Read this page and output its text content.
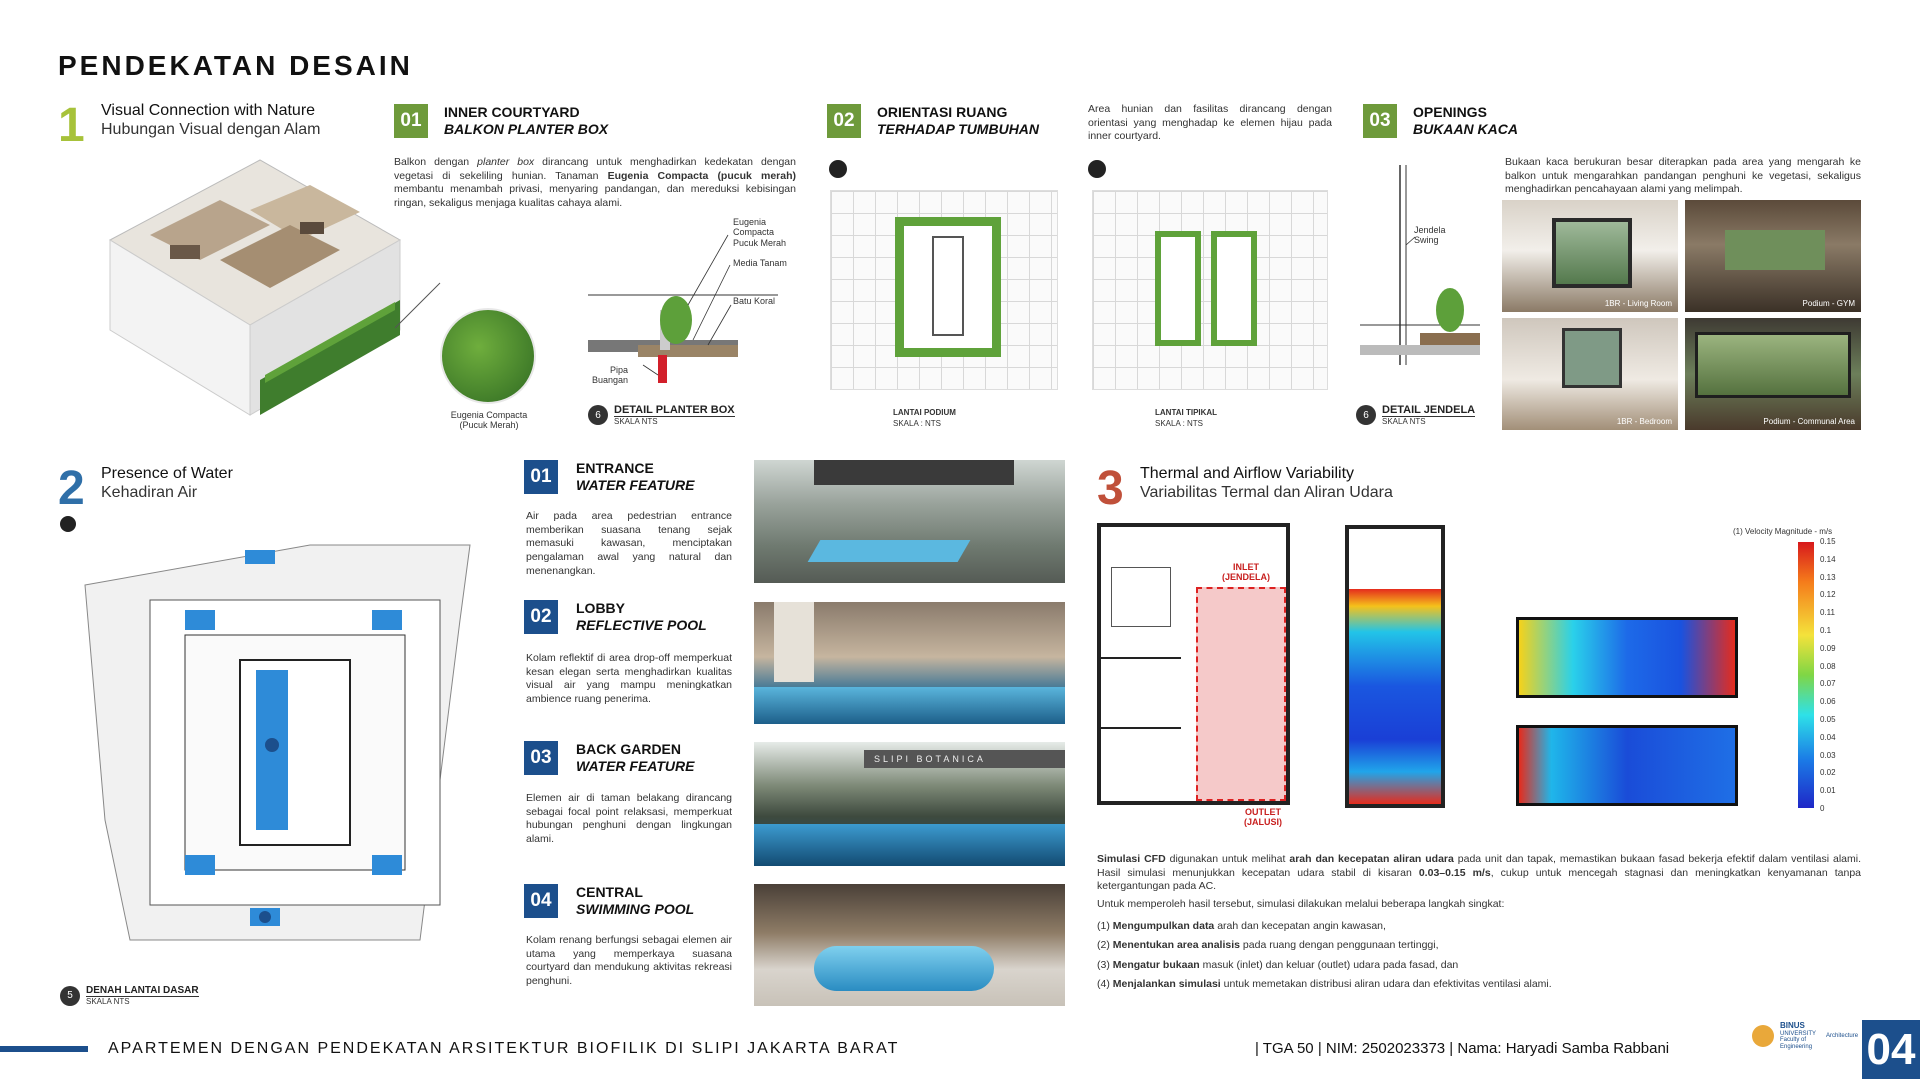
PENDEKATAN DESAIN
1 Visual Connection with Nature
Hubungan Visual dengan Alam
Eugenia Compacta
(Pucuk Merah)
01	INNER COURTYARD
BALKON PLANTER BOX
Balkon dengan planter box dirancang untuk menghadirkan kedekatan dengan vegetasi di sekeliling hunian. Tanaman Eugenia Compacta (pucuk merah) membantu menambah privasi, menyaring pandangan, dan mereduksi kebisingan ringan, sekaligus menjaga kualitas cahaya alami.
Eugenia
Compacta
Pucuk Merah
Media Tanam
Batu Koral
Pipa
Buangan
6	DETAIL PLANTER BOX
SKALA NTS
02	ORIENTASI RUANG
TERHADAP TUMBUHAN
Area hunian dan fasilitas dirancang dengan orientasi yang menghadap ke elemen hijau pada inner courtyard.
LANTAI PODIUM
SKALA : NTS
LANTAI TIPIKAL
SKALA : NTS
03	OPENINGS
BUKAAN KACA
Bukaan kaca berukuran besar diterapkan pada area yang mengarah ke balkon untuk mengarahkan pandangan penghuni ke vegetasi, sekaligus menghadirkan pencahayaan alami yang melimpah.
Jendela
Swing
6	DETAIL JENDELA
SKALA NTS
1BR - Living Room	Podium - GYM
1BR - Bedroom	Podium - Communal Area
2 Presence of Water
Kehadiran Air
5	DENAH LANTAI DASAR
SKALA NTS
01	ENTRANCE
WATER FEATURE
Air pada area pedestrian entrance memberikan suasana tenang sejak memasuki kawasan, menciptakan pengalaman awal yang natural dan menenangkan.
02	LOBBY
REFLECTIVE POOL
Kolam reflektif di area drop-off memperkuat kesan elegan serta menghadirkan kualitas visual air yang mampu meningkatkan ambience ruang penerima.
03	BACK GARDEN
WATER FEATURE
Elemen air di taman belakang dirancang sebagai focal point relaksasi, memperkuat hubungan penghuni dengan lingkungan alami.
SLIPI BOTANICA
04	CENTRAL
SWIMMING POOL
Kolam renang berfungsi sebagai elemen air utama yang memperkaya suasana courtyard dan mendukung aktivitas rekreasi penghuni.
3 Thermal and Airflow Variability
Variabilitas Termal dan Aliran Udara
INLET
(JENDELA)
OUTLET
(JALUSI)
(1) Velocity Magnitude - m/s
0.15
0.14
0.13
0.12
0.11
0.1
0.09
0.08
0.07
0.06
0.05
0.04
0.03
0.02
0.01
0
Simulasi CFD digunakan untuk melihat arah dan kecepatan aliran udara pada unit dan tapak, memastikan bukaan fasad bekerja efektif dalam ventilasi alami. Hasil simulasi menunjukkan kecepatan udara stabil di kisaran 0.03–0.15 m/s, cukup untuk mencegah stagnasi dan meningkatkan kenyamanan tanpa ketergantungan pada AC.
Untuk memperoleh hasil tersebut, simulasi dilakukan melalui beberapa langkah singkat:
(1) Mengumpulkan data arah dan kecepatan angin kawasan,
(2) Menentukan area analisis pada ruang dengan penggunaan tertinggi,
(3) Mengatur bukaan masuk (inlet) dan keluar (outlet) udara pada fasad, dan
(4) Menjalankan simulasi untuk memetakan distribusi aliran udara dan efektivitas ventilasi alami.
APARTEMEN DENGAN PENDEKATAN ARSITEKTUR BIOFILIK DI SLIPI JAKARTA BARAT	| TGA 50 | NIM: 2502023373 | Nama: Haryadi Samba Rabbani
BINUS
UNIVERSITY
Faculty of
Engineering
Architecture 04
